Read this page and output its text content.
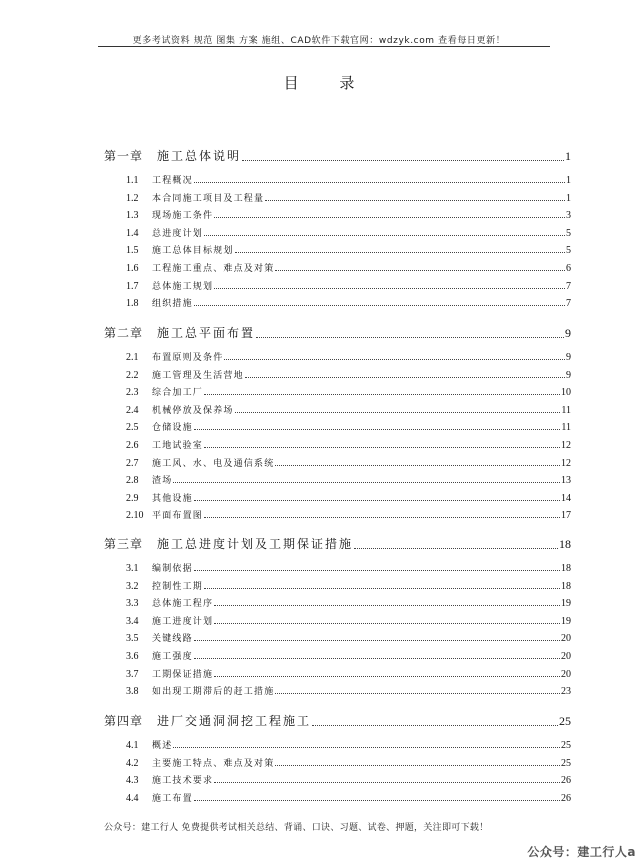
更多考试资料 规范 图集 方案 施组、CAD软件下载官网：wdzyk.com 查看每日更新！
目 录
第一章 施工总体说明	1
1.1	工程概况	1
1.2	本合同施工项目及工程量	1
1.3	现场施工条件	3
1.4	总进度计划	5
1.5	施工总体目标规划	5
1.6	工程施工重点、难点及对策	6
1.7	总体施工规划	7
1.8	组织措施	7
第二章 施工总平面布置	9
2.1	布置原则及条件	9
2.2	施工管理及生活营地	9
2.3	综合加工厂	10
2.4	机械停放及保养场	11
2.5	仓储设施	11
2.6	工地试验室	12
2.7	施工风、水、电及通信系统	12
2.8	渣场	13
2.9	其他设施	14
2.10 平面布置图	17
第三章 施工总进度计划及工期保证措施	18
3.1	编制依据	18
3.2	控制性工期	18
3.3	总体施工程序	19
3.4	施工进度计划	19
3.5	关键线路	20
3.6	施工强度	20
3.7	工期保证措施	20
3.8	如出现工期滞后的赶工措施	23
第四章 进厂交通洞洞挖工程施工	25
4.1	概述	25
4.2	主要施工特点、难点及对策	25
4.3	施工技术要求	26
4.4	施工布置	26
公众号：建工行人 免费提供考试相关总结、背诵、口诀、习题、试卷、押题，关注即可下载！
公众号：建工行人a
